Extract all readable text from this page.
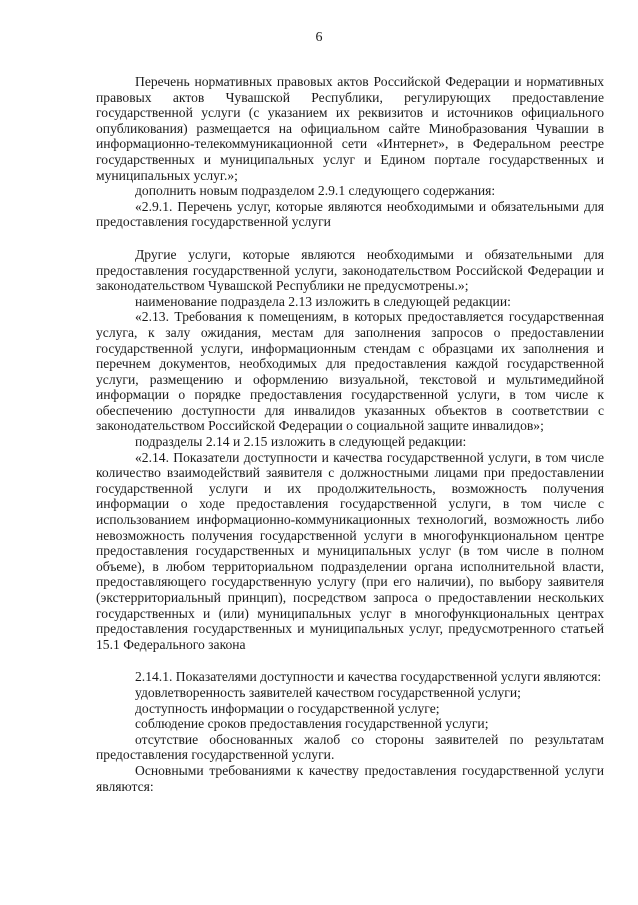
6

Перечень нормативных правовых актов Российской Федерации и нормативных правовых актов Чувашской Республики, регулирующих предоставление государственной услуги (с указанием их реквизитов и источников официального опубликования) размещается на официальном сайте Минобразования Чувашии в информационно-телекоммуникационной сети «Интернет», в Федеральном реестре государственных и муниципальных услуг и Едином портале государственных и муниципальных услуг.»;

дополнить новым подразделом 2.9.1 следующего содержания:

«2.9.1. Перечень услуг, которые являются необходимыми и обязательными для предоставления государственной услуги

Другие услуги, которые являются необходимыми и обязательными для предоставления государственной услуги, законодательством Российской Федерации и законодательством Чувашской Республики не предусмотрены.»;

наименование подраздела 2.13 изложить в следующей редакции:

«2.13. Требования к помещениям, в которых предоставляется государственная услуга, к залу ожидания, местам для заполнения запросов о предоставлении государственной услуги, информационным стендам с образцами их заполнения и перечнем документов, необходимых для предоставления каждой государственной услуги, размещению и оформлению визуальной, текстовой и мультимедийной информации о порядке предоставления государственной услуги, в том числе к обеспечению доступности для инвалидов указанных объектов в соответствии с законодательством Российской Федерации о социальной защите инвалидов»;

подразделы 2.14 и 2.15 изложить в следующей редакции:

«2.14. Показатели доступности и качества государственной услуги, в том числе количество взаимодействий заявителя с должностными лицами при предоставлении государственной услуги и их продолжительность, возможность получения информации о ходе предоставления государственной услуги, в том числе с использованием информационно-коммуникационных технологий, возможность либо невозможность получения государственной услуги в многофункциональном центре предоставления государственных и муниципальных услуг (в том числе в полном объеме), в любом территориальном подразделении органа исполнительной власти, предоставляющего государственную услугу (при его наличии), по выбору заявителя (экстерриториальный принцип), посредством запроса о предоставлении нескольких государственных и (или) муниципальных услуг в многофункциональных центрах предоставления государственных и муниципальных услуг, предусмотренного статьей 15.1 Федерального закона

2.14.1. Показателями доступности и качества государственной услуги являются:

удовлетворенность заявителей качеством государственной услуги;

доступность информации о государственной услуге;

соблюдение сроков предоставления государственной услуги;

отсутствие обоснованных жалоб со стороны заявителей по результатам предоставления государственной услуги.

Основными требованиями к качеству предоставления государственной услуги являются:
